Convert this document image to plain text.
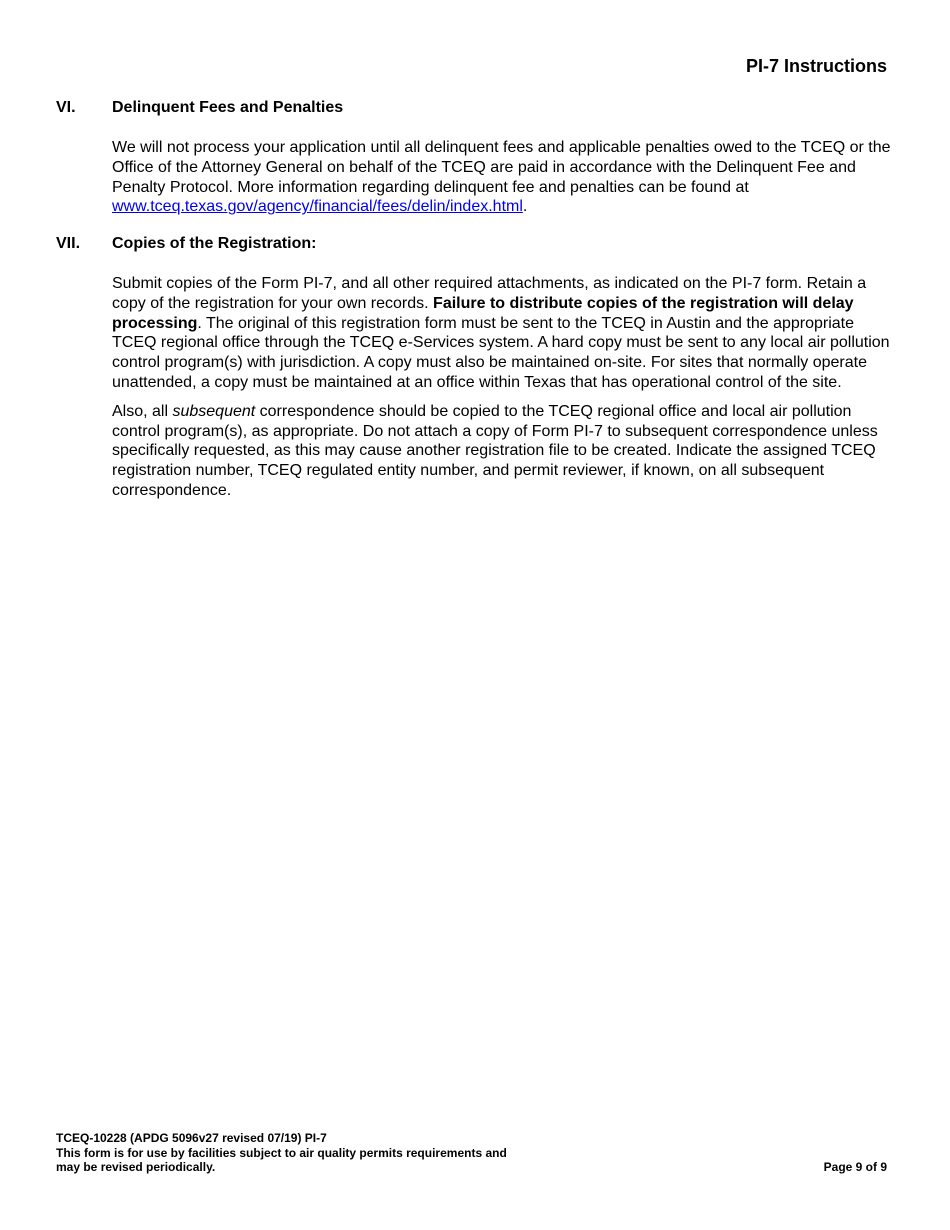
PI-7 Instructions
VI. Delinquent Fees and Penalties

We will not process your application until all delinquent fees and applicable penalties owed to the TCEQ or the Office of the Attorney General on behalf of the TCEQ are paid in accordance with the Delinquent Fee and Penalty Protocol. More information regarding delinquent fee and penalties can be found at www.tceq.texas.gov/agency/financial/fees/delin/index.html.

VII. Copies of the Registration:

Submit copies of the Form PI-7, and all other required attachments, as indicated on the PI-7 form. Retain a copy of the registration for your own records. Failure to distribute copies of the registration will delay processing. The original of this registration form must be sent to the TCEQ in Austin and the appropriate TCEQ regional office through the TCEQ e-Services system. A hard copy must be sent to any local air pollution control program(s) with jurisdiction. A copy must also be maintained on-site. For sites that normally operate unattended, a copy must be maintained at an office within Texas that has operational control of the site.

Also, all subsequent correspondence should be copied to the TCEQ regional office and local air pollution control program(s), as appropriate. Do not attach a copy of Form PI-7 to subsequent correspondence unless specifically requested, as this may cause another registration file to be created. Indicate the assigned TCEQ registration number, TCEQ regulated entity number, and permit reviewer, if known, on all subsequent correspondence.

TCEQ-10228 (APDG 5096v27 revised 07/19) PI-7
This form is for use by facilities subject to air quality permits requirements and
may be revised periodically.	Page 9 of 9
